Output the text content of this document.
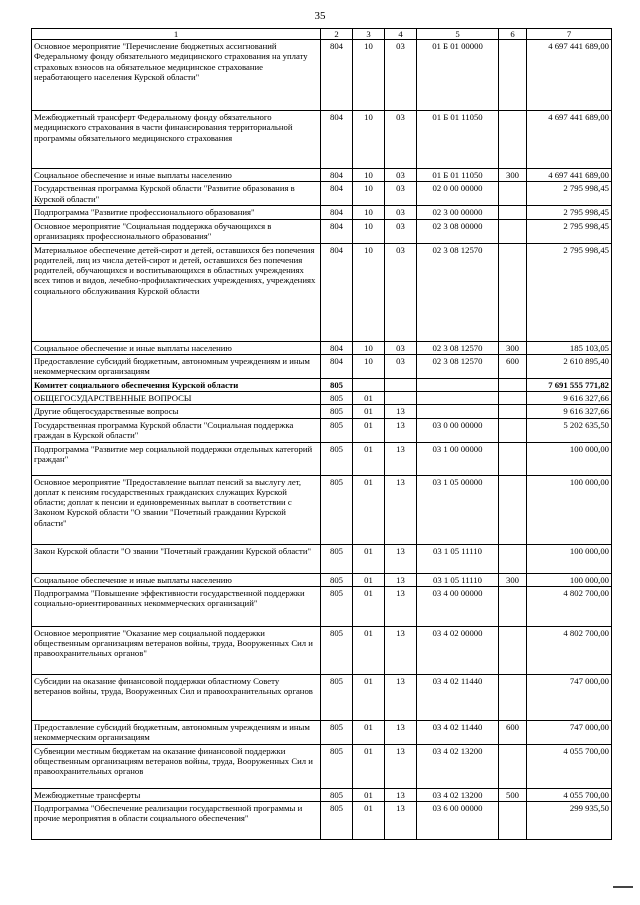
35
1	2	3	4	5	6	7
Основное мероприятие "Перечисление бюджетных ассигнований Федеральному фонду обязательного медицинского страхования на уплату страховых взносов на обязательное медицинское страхование неработающего населения Курской области"	804	10	03	01 Б 01 00000		4 697 441 689,00
Межбюджетный трансферт Федеральному фонду обязательного медицинского страхования в части финансирования территориальной программы обязательного медицинского страхования	804	10	03	01 Б 01 11050		4 697 441 689,00
Социальное обеспечение и иные выплаты населению	804	10	03	01 Б 01 11050	300	4 697 441 689,00
Государственная программа Курской области "Развитие образования в Курской области"	804	10	03	02 0 00 00000		2 795 998,45
Подпрограмма "Развитие профессионального образования"	804	10	03	02 3 00 00000		2 795 998,45
Основное мероприятие "Социальная поддержка обучающихся в организациях профессионального образования"	804	10	03	02 3 08 00000		2 795 998,45
Материальное обеспечение детей-сирот и детей, оставшихся без попечения родителей, лиц из числа детей-сирот и детей, оставшихся без попечения родителей, обучающихся и воспитывающихся в областных учреждениях всех типов и видов, лечебно-профилактических учреждениях, учреждениях социального обслуживания Курской области	804	10	03	02 3 08 12570		2 795 998,45
Социальное обеспечение и иные выплаты населению	804	10	03	02 3 08 12570	300	185 103,05
Предоставление субсидий бюджетным, автономным учреждениям и иным некоммерческим организациям	804	10	03	02 3 08 12570	600	2 610 895,40
Комитет социального обеспечения Курской области	805					7 691 555 771,82
ОБЩЕГОСУДАРСТВЕННЫЕ ВОПРОСЫ	805	01				9 616 327,66
Другие общегосударственные вопросы	805	01	13			9 616 327,66
Государственная программа Курской области "Социальная поддержка граждан в Курской области"	805	01	13	03 0 00 00000		5 202 635,50
Подпрограмма "Развитие мер социальной поддержки отдельных категорий граждан"	805	01	13	03 1 00 00000		100 000,00
Основное мероприятие "Предоставление выплат пенсий за выслугу лет, доплат к пенсиям государственных гражданских служащих Курской области; доплат к пенсии и единовременных выплат в соответствии с Законом Курской области "О звании "Почетный гражданин Курской области"	805	01	13	03 1 05 00000		100 000,00
Закон Курской области "О звании "Почетный гражданин Курской области"	805	01	13	03 1 05 11110		100 000,00
Социальное обеспечение и иные выплаты населению	805	01	13	03 1 05 11110	300	100 000,00
Подпрограмма "Повышение эффективности государственной поддержки социально-ориентированных некоммерческих организаций"	805	01	13	03 4 00 00000		4 802 700,00
Основное мероприятие "Оказание мер социальной поддержки общественным организациям ветеранов войны, труда, Вооруженных Сил и правоохранительных органов"	805	01	13	03 4 02 00000		4 802 700,00
Субсидии на оказание финансовой поддержки областному Совету ветеранов войны, труда, Вооруженных Сил и правоохранительных органов	805	01	13	03 4 02 11440		747 000,00
Предоставление субсидий бюджетным, автономным учреждениям и иным некоммерческим организациям	805	01	13	03 4 02 11440	600	747 000,00
Субвенции местным бюджетам на оказание финансовой поддержки общественным организациям ветеранов войны, труда, Вооруженных Сил и правоохранительных органов	805	01	13	03 4 02 13200		4 055 700,00
Межбюджетные трансферты	805	01	13	03 4 02 13200	500	4 055 700,00
Подпрограмма "Обеспечение реализации государственной программы и прочие мероприятия в области социального обеспечения"	805	01	13	03 6 00 00000		299 935,50
